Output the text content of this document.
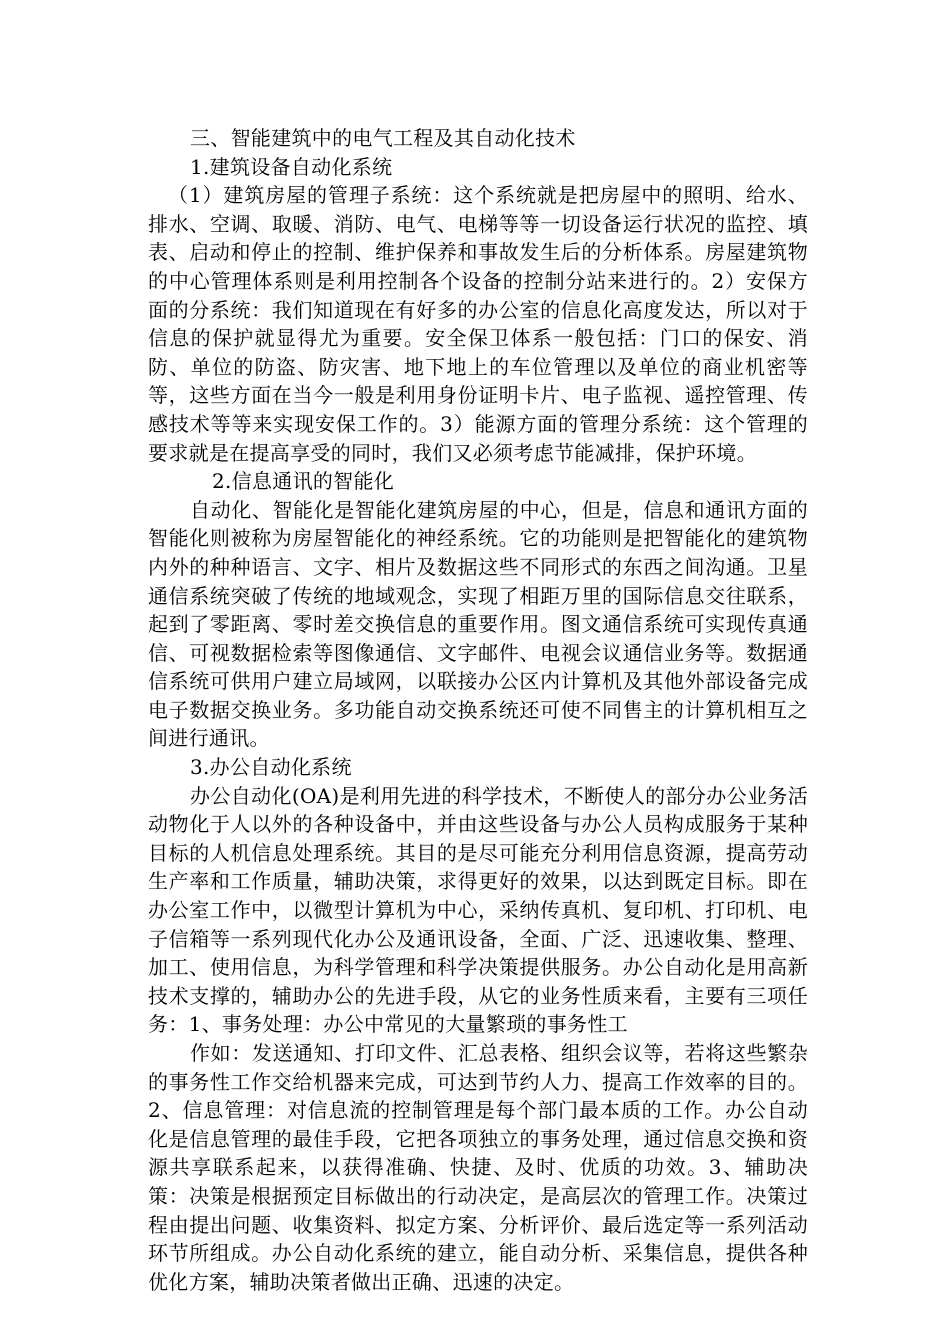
三、智能建筑中的电气工程及其自动化技术

1.建筑设备自动化系统

（1）建筑房屋的管理子系统：这个系统就是把房屋中的照明、给水、排水、空调、取暖、消防、电气、电梯等等一切设备运行状况的监控、填表、启动和停止的控制、维护保养和事故发生后的分析体系。房屋建筑物的中心管理体系则是利用控制各个设备的控制分站来进行的。2）安保方面的分系统：我们知道现在有好多的办公室的信息化高度发达，所以对于信息的保护就显得尤为重要。安全保卫体系一般包括：门口的保安、消防、单位的防盗、防灾害、地下地上的车位管理以及单位的商业机密等等，这些方面在当今一般是利用身份证明卡片、电子监视、遥控管理、传感技术等等来实现安保工作的。3）能源方面的管理分系统：这个管理的要求就是在提高享受的同时，我们又必须考虑节能减排，保护环境。

2.信息通讯的智能化

自动化、智能化是智能化建筑房屋的中心，但是，信息和通讯方面的智能化则被称为房屋智能化的神经系统。它的功能则是把智能化的建筑物内外的种种语言、文字、相片及数据这些不同形式的东西之间沟通。卫星通信系统突破了传统的地域观念，实现了相距万里的国际信息交往联系，起到了零距离、零时差交换信息的重要作用。图文通信系统可实现传真通信、可视数据检索等图像通信、文字邮件、电视会议通信业务等。数据通信系统可供用户建立局域网，以联接办公区内计算机及其他外部设备完成电子数据交换业务。多功能自动交换系统还可使不同售主的计算机相互之间进行通讯。

3.办公自动化系统

办公自动化(OA)是利用先进的科学技术，不断使人的部分办公业务活动物化于人以外的各种设备中，并由这些设备与办公人员构成服务于某种目标的人机信息处理系统。其目的是尽可能充分利用信息资源，提高劳动生产率和工作质量，辅助决策，求得更好的效果，以达到既定目标。即在办公室工作中，以微型计算机为中心，采纳传真机、复印机、打印机、电子信箱等一系列现代化办公及通讯设备，全面、广泛、迅速收集、整理、加工、使用信息，为科学管理和科学决策提供服务。办公自动化是用高新技术支撑的，辅助办公的先进手段，从它的业务性质来看，主要有三项任务：1、事务处理：办公中常见的大量繁琐的事务性工

作如：发送通知、打印文件、汇总表格、组织会议等，若将这些繁杂的事务性工作交给机器来完成，可达到节约人力、提高工作效率的目的。2、信息管理：对信息流的控制管理是每个部门最本质的工作。办公自动化是信息管理的最佳手段，它把各项独立的事务处理，通过信息交换和资源共享联系起来，以获得准确、快捷、及时、优质的功效。3、辅助决策：决策是根据预定目标做出的行动决定，是高层次的管理工作。决策过程由提出问题、收集资料、拟定方案、分析评价、最后选定等一系列活动环节所组成。办公自动化系统的建立，能自动分析、采集信息，提供各种优化方案，辅助决策者做出正确、迅速的决定。
